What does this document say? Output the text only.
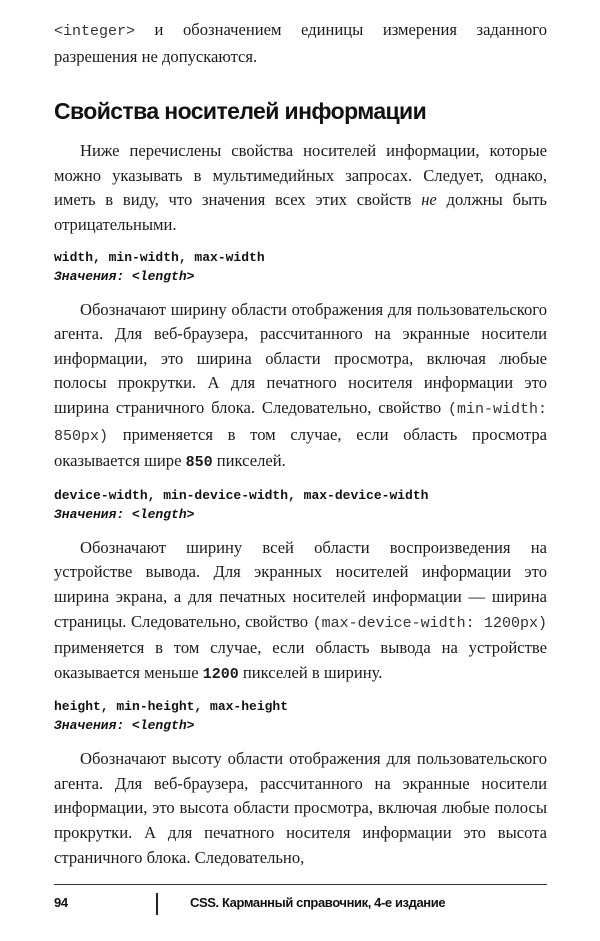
<integer> и обозначением единицы измерения заданного разрешения не допускаются.

Свойства носителей информации

Ниже перечислены свойства носителей информации, которые можно указывать в мультимедийных запросах. Следует, однако, иметь в виду, что значения всех этих свойств не должны быть отрицательными.

width, min-width, max-width
Значения: <length>

Обозначают ширину области отображения для пользовательского агента. Для веб-браузера, рассчитанного на экранные носители информации, это ширина области просмотра, включая любые полосы прокрутки. А для печатного носителя информации это ширина страничного блока. Следовательно, свойство (min-width: 850px) применяется в том случае, если область просмотра оказывается шире 850 пикселей.

device-width, min-device-width, max-device-width
Значения: <length>

Обозначают ширину всей области воспроизведения на устройстве вывода. Для экранных носителей информации это ширина экрана, а для печатных носителей информации — ширина страницы. Следовательно, свойство (max-device-width: 1200px) применяется в том случае, если область вывода на устройстве оказывается меньше 1200 пикселей в ширину.

height, min-height, max-height
Значения: <length>

Обозначают высоту области отображения для пользовательского агента. Для веб-браузера, рассчитанного на экранные носители информации, это высота области просмотра, включая любые полосы прокрутки. А для печатного носителя информации это высота страничного блока. Следовательно,

94	CSS. Карманный справочник, 4-е издание
